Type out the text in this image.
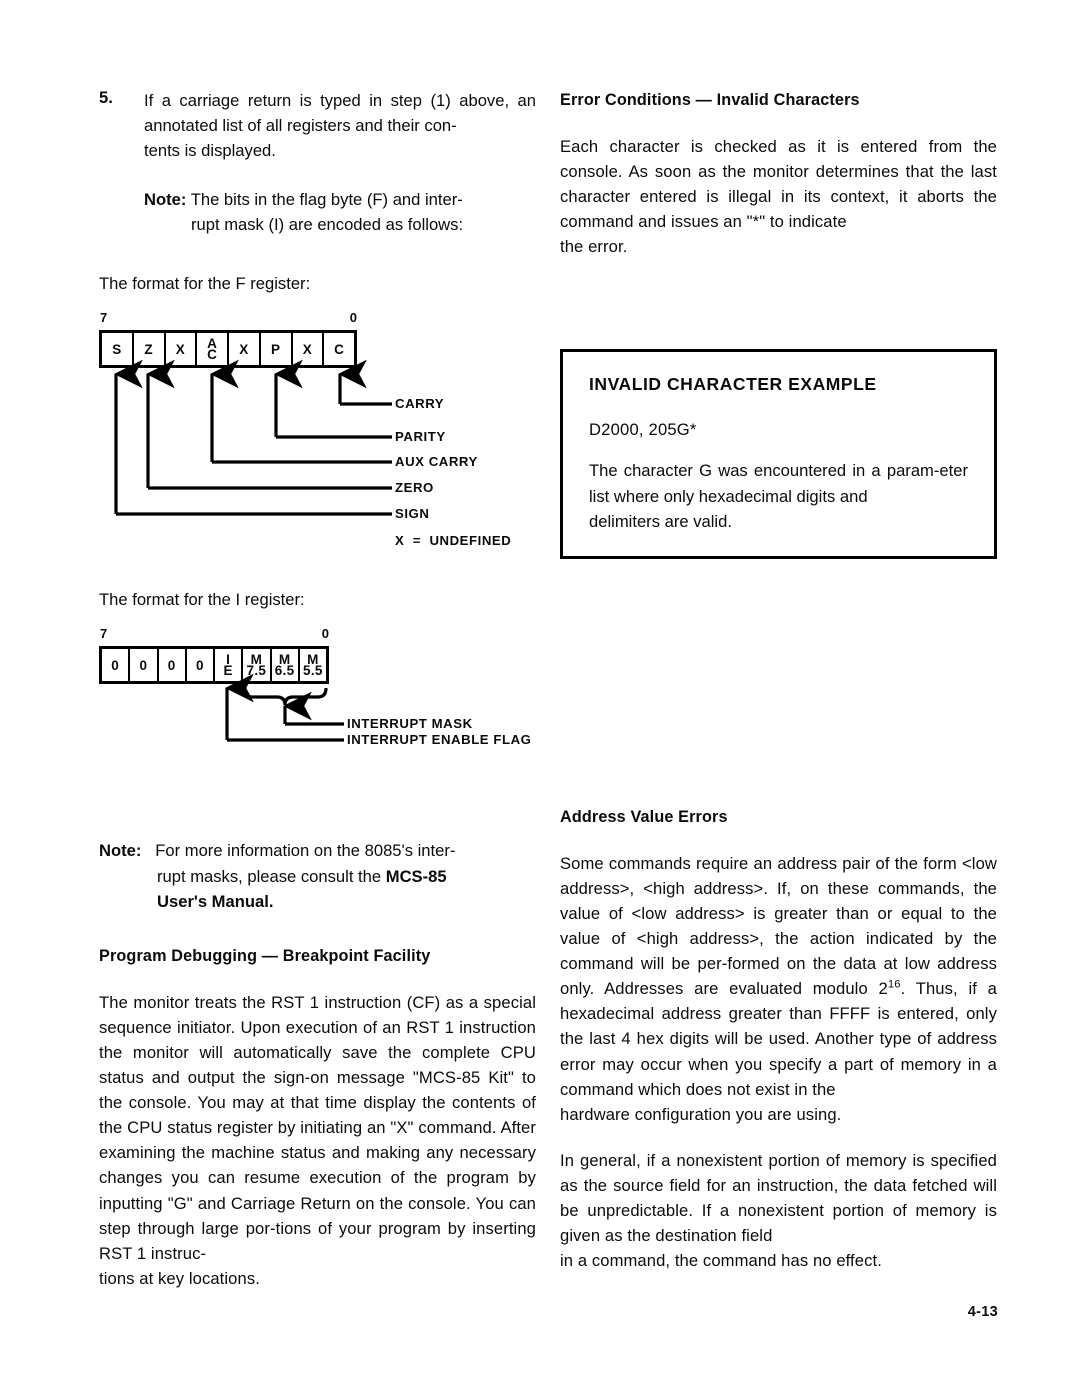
5. If a carriage return is typed in step (1) above, an annotated list of all registers and their con-
tents is displayed.
Note: The bits in the flag byte (F) and inter-
rupt mask (I) are encoded as follows:
The format for the F register:
7	0
S Z X A
C X P X C
CARRY
PARITY
AUX CARRY
ZERO
SIGN
X  =  UNDEFINED
The format for the I register:
7	0
0 0 0 0 I
E
M
7.5
M
6.5
M
5.5
INTERRUPT MASK
INTERRUPT ENABLE FLAG
Note: For more information on the 8085's inter-
rupt masks, please consult the MCS-85
User's Manual.
Program Debugging — Breakpoint Facility

The monitor treats the RST 1 instruction (CF) as a special sequence initiator. Upon execution of an RST 1 instruction the monitor will automatically save the complete CPU status and output the sign-on message "MCS-85 Kit" to the console. You may at that time display the contents of the CPU status register by initiating an "X" command. After examining the machine status and making any necessary changes you can resume execution of the program by inputting "G" and Carriage Return on the console. You can step through large por-tions of your program by inserting RST 1 instruc-
tions at key locations.

Error Conditions — Invalid Characters

Each character is checked as it is entered from the console. As soon as the monitor determines that the last character entered is illegal in its context, it aborts the command and issues an "*" to indicate
the error.

INVALID CHARACTER EXAMPLE
D2000, 205G*

The character G was encountered in a param-eter list where only hexadecimal digits and
delimiters are valid.

Address Value Errors

Some commands require an address pair of the form <low address>, <high address>. If, on these commands, the value of <low address> is greater than or equal to the value of <high address>, the action indicated by the command will be per-formed on the data at low address only. Addresses are evaluated modulo $2^{16}$. Thus, if a hexadecimal address greater than FFFF is entered, only the last 4 hex digits will be used. Another type of address error may occur when you specify a part of memory in a command which does not exist in the
hardware configuration you are using.

In general, if a nonexistent portion of memory is specified as the source field for an instruction, the data fetched will be unpredictable. If a nonexistent portion of memory is given as the destination field
in a command, the command has no effect.

4-13
